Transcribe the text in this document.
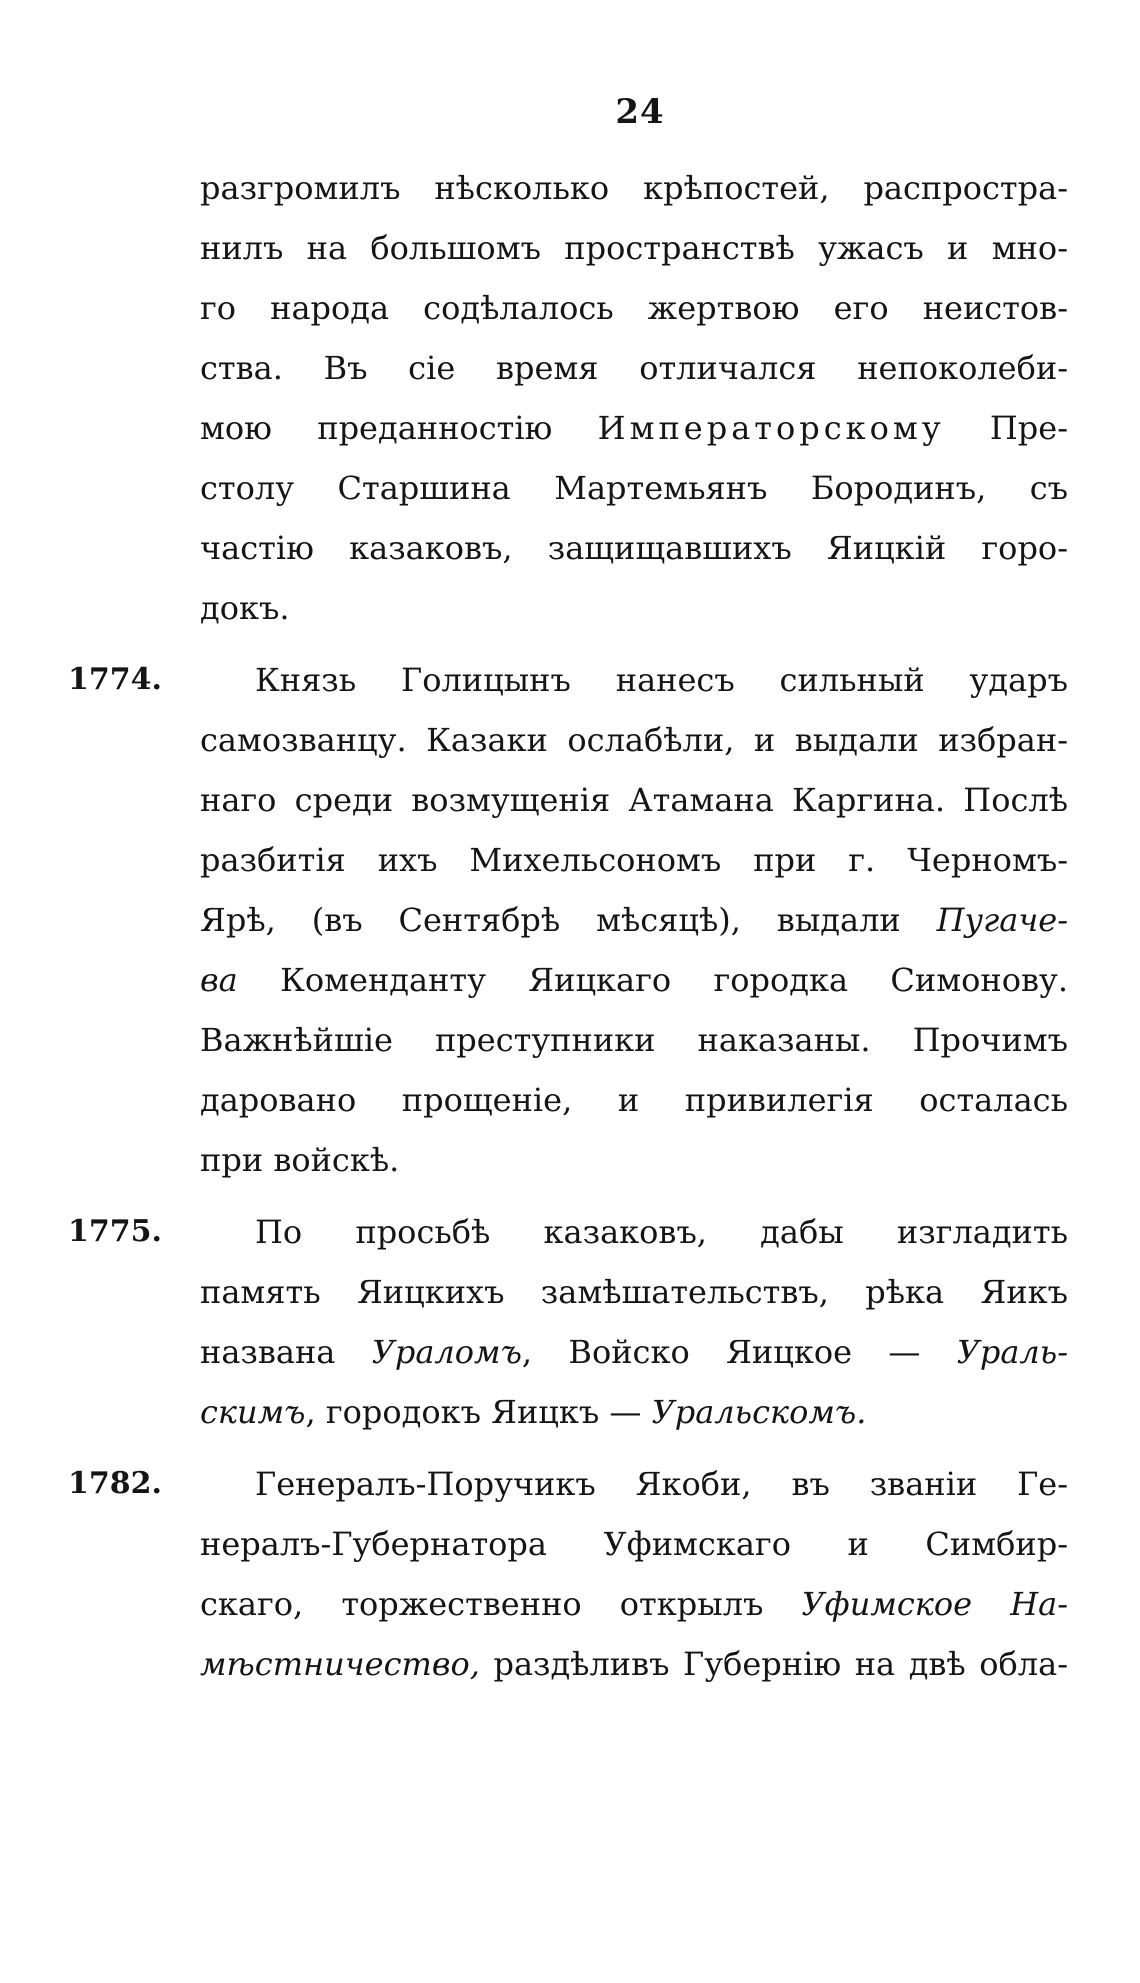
24
разгромилъ нѣсколько крѣпостей, распростра-
нилъ на большомъ пространствѣ ужасъ и мно-
го народа содѣлалось жертвою его неистов-
ства. Въ сіе время отличался непоколеби-
мою преданностію Императорскому Пре-
столу Старшина Мартемьянъ Бородинъ, съ
частію казаковъ, защищавшихъ Яицкій горо-
докъ.
1774.	Князь Голицынъ нанесъ сильный ударъ
самозванцу. Казаки ослабѣли, и выдали избран-
наго среди возмущенія Атамана Каргина. Послѣ
разбитія ихъ Михельсономъ при г. Черномъ-
Ярѣ, (въ Сентябрѣ мѣсяцѣ), выдали Пугаче-
ва Коменданту Яицкаго городка Симонову.
Важнѣйшіе преступники наказаны. Прочимъ
даровано прощеніе, и привилегія осталась
при войскѣ.
1775.	По просьбѣ казаковъ, дабы изгладить
память Яицкихъ замѣшательствъ, рѣка Яикъ
названа Ураломъ, Войско Яицкое — Ураль-
скимъ, городокъ Яицкъ — Уральскомъ.
1782.	Генералъ-Поручикъ Якоби, въ званіи Ге-
нералъ-Губернатора Уфимскаго и Симбир-
скаго, торжественно открылъ Уфимское На-
мѣстничество, раздѣливъ Губернію на двѣ обла-
